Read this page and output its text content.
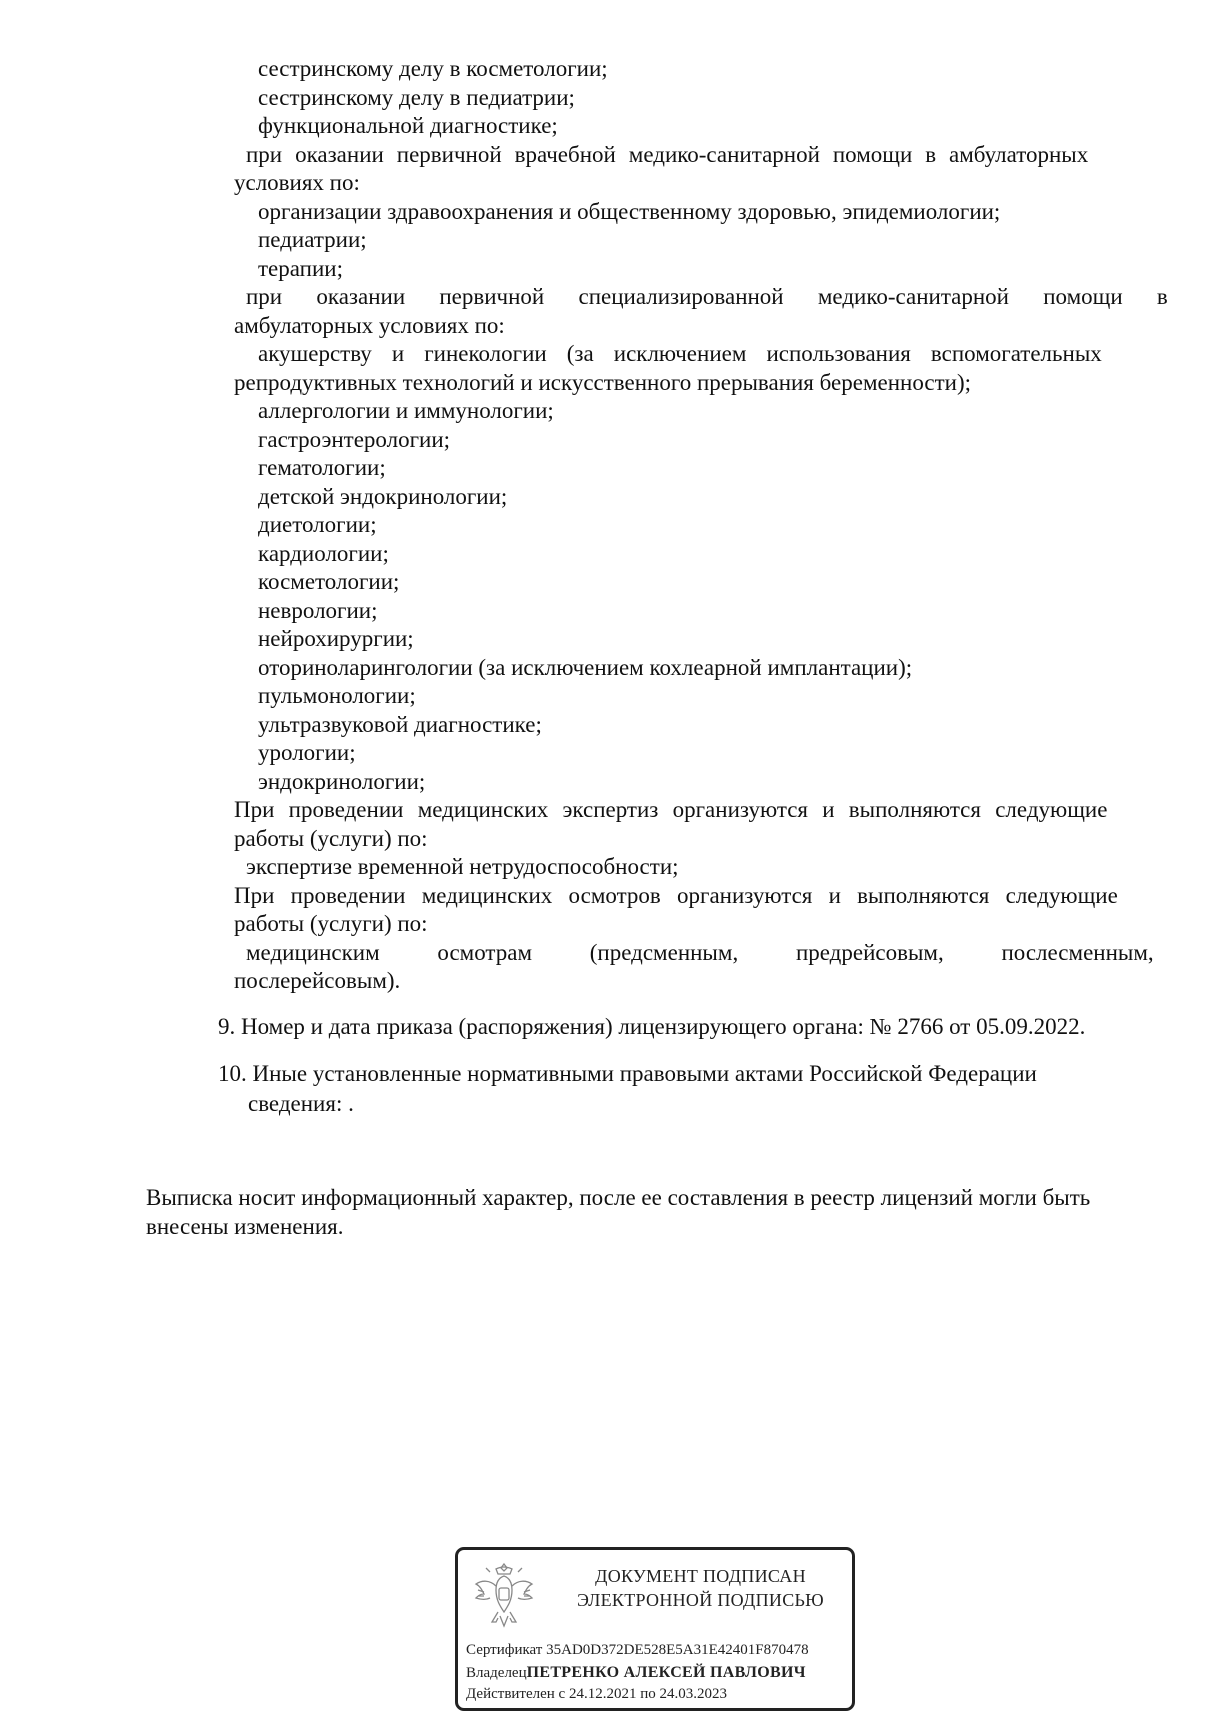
сестринскому делу в косметологии;
сестринскому делу в педиатрии;
функциональной диагностике;
при оказании первичной врачебной медико-санитарной помощи в амбулаторных
условиях по:
организации здравоохранения и общественному здоровью, эпидемиологии;
педиатрии;
терапии;
при оказании первичной специализированной медико-санитарной помощи в
амбулаторных условиях по:
акушерству и гинекологии (за исключением использования вспомогательных
репродуктивных технологий и искусственного прерывания беременности);
аллергологии и иммунологии;
гастроэнтерологии;
гематологии;
детской эндокринологии;
диетологии;
кардиологии;
косметологии;
неврологии;
нейрохирургии;
оториноларингологии (за исключением кохлеарной имплантации);
пульмонологии;
ультразвуковой диагностике;
урологии;
эндокринологии;
При проведении медицинских экспертиз организуются и выполняются следующие
работы (услуги) по:
экспертизе временной нетрудоспособности;
При проведении медицинских осмотров организуются и выполняются следующие
работы (услуги) по:
медицинским осмотрам (предсменным, предрейсовым, послесменным,
послерейсовым).
9. Номер и дата приказа (распоряжения) лицензирующего органа: № 2766 от 05.09.2022.
10. Иные установленные нормативными правовыми актами Российской Федерации
сведения: .
Выписка носит информационный характер, после ее составления в реестр лицензий могли быть
внесены изменения.
ДОКУМЕНТ ПОДПИСАН
ЭЛЕКТРОННОЙ ПОДПИСЬЮ
Сертификат 35AD0D372DE528E5A31E42401F870478
ВладелецПЕТРЕНКО АЛЕКСЕЙ ПАВЛОВИЧ
Действителен с 24.12.2021 по 24.03.2023
